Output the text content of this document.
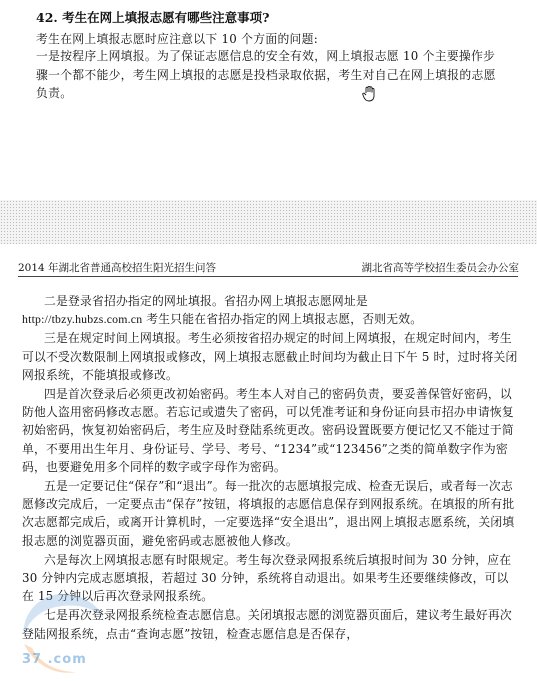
42. 考生在网上填报志愿有哪些注意事项?

考生在网上填报志愿时应注意以下 10 个方面的问题:

一是按程序上网填报。为了保证志愿信息的安全有效，网上填报志愿 10 个主要操作步骤一个都不能少，考生网上填报的志愿是投档录取依据，考生对自己在网上填报的志愿负责。

2014 年湖北省普通高校招生阳光招生问答	湖北省高等学校招生委员会办公室

二是登录省招办指定的网址填报。省招办网上填报志愿网址是
http://tbzy.hubzs.com.cn 考生只能在省招办指定的网上填报志愿，否则无效。

三是在规定时间上网填报。考生必须按省招办规定的时间上网填报，在规定时间内，考生可以不受次数限制上网填报或修改，网上填报志愿截止时间均为截止日下午 5 时，过时将关闭网报系统，不能填报或修改。

四是首次登录后必须更改初始密码。考生本人对自己的密码负责，要妥善保管好密码，以防他人盗用密码修改志愿。若忘记或遗失了密码，可以凭准考证和身份证向县市招办申请恢复初始密码，恢复初始密码后，考生应及时登陆系统更改。密码设置既要方便记忆又不能过于简单，不要用出生年月、身份证号、学号、考号、“1234”或“123456”之类的简单数字作为密码，也要避免用多个同样的数字或字母作为密码。

五是一定要记住“保存”和“退出”。每一批次的志愿填报完成、检查无误后，或者每一次志愿修改完成后，一定要点击“保存”按钮，将填报的志愿信息保存到网报系统。在填报的所有批次志愿都完成后，或离开计算机时，一定要选择“安全退出”，退出网上填报志愿系统，关闭填报志愿的浏览器页面，避免密码或志愿被他人修改。

六是每次上网填报志愿有时限规定。考生每次登录网报系统后填报时间为 30 分钟，应在 30 分钟内完成志愿填报，若超过 30 分钟，系统将自动退出。如果考生还要继续修改，可以在 15 分钟以后再次登录网报系统。

七是再次登录网报系统检查志愿信息。关闭填报志愿的浏览器页面后，建议考生最好再次登陆网报系统，点击“查询志愿”按钮，检查志愿信息是否保存，

37 .com
